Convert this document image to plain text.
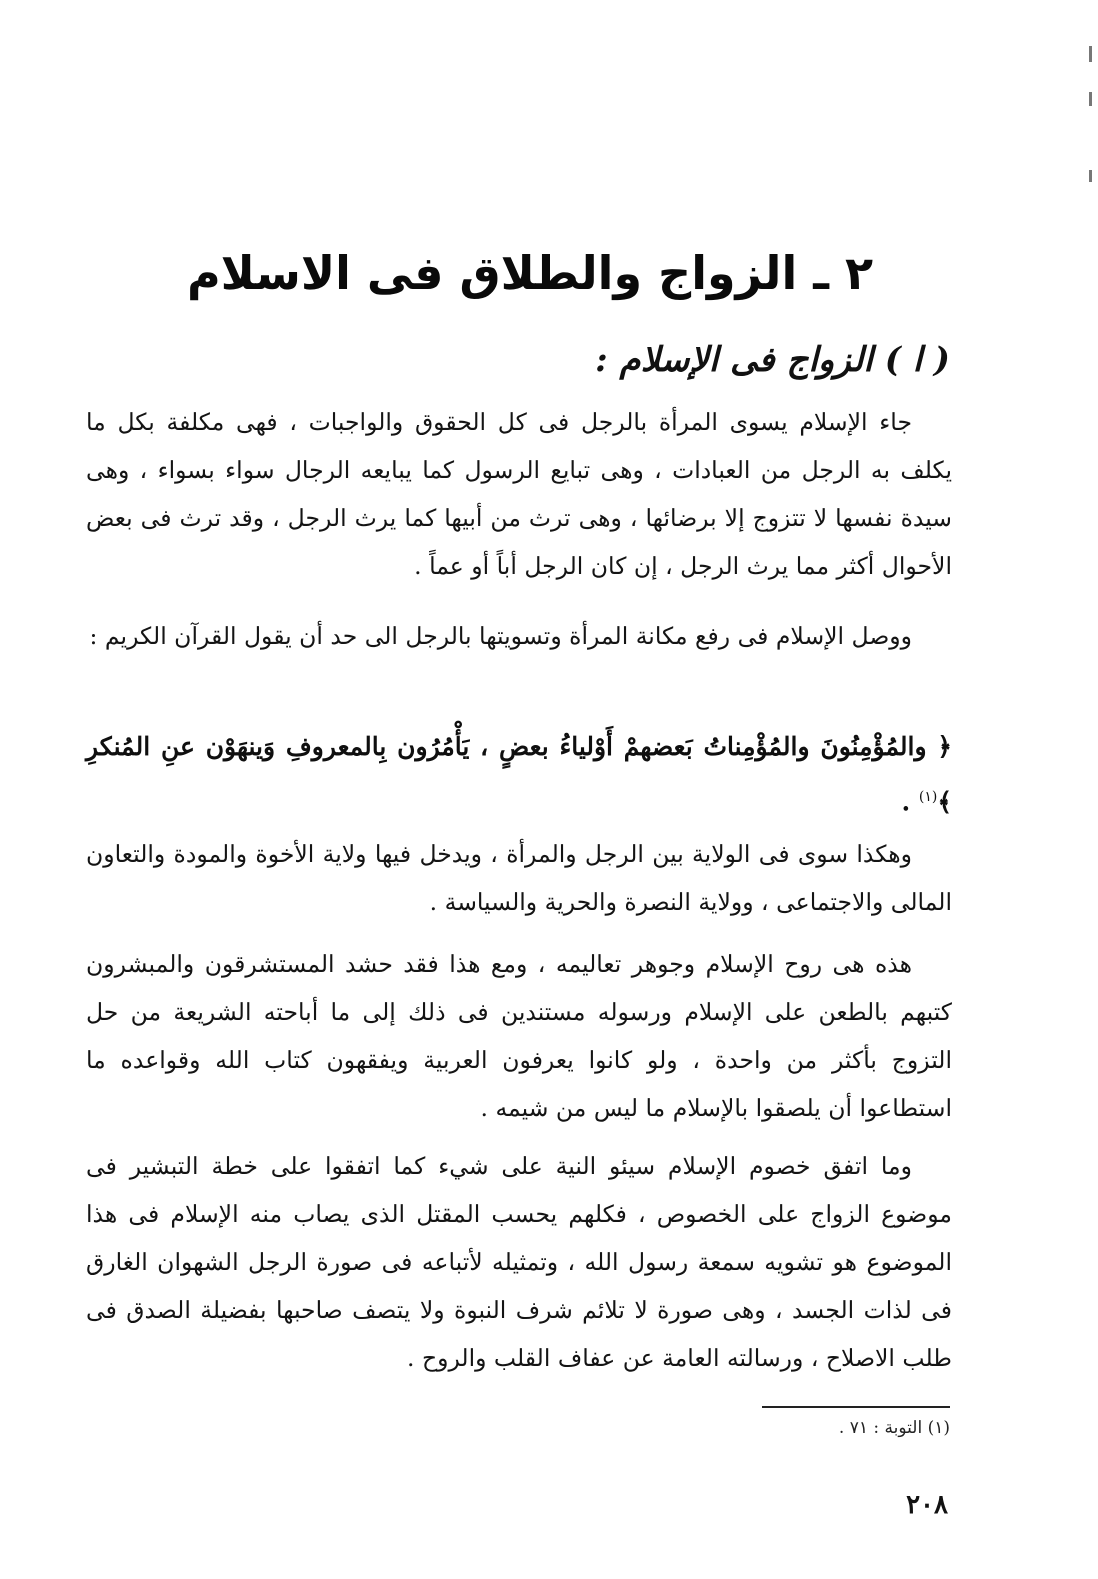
٢ ـ الزواج والطلاق فى الاسلام
( ا ) الزواج فى الإسلام :

جاء الإسلام يسوى المرأة بالرجل فى كل الحقوق والواجبات ، فهى مكلفة بكل ما يكلف به الرجل من العبادات ، وهى تبايع الرسول كما يبايعه الرجال سواء بسواء ، وهى سيدة نفسها لا تتزوج إلا برضائها ، وهى ترث من أبيها كما يرث الرجل ، وقد ترث فى بعض الأحوال أكثر مما يرث الرجل ، إن كان الرجل أباً أو عماً .

ووصل الإسلام فى رفع مكانة المرأة وتسويتها بالرجل الى حد أن يقول القرآن الكريم :

﴿ والمُؤْمِنُونَ والمُؤْمِناتُ بَعضهمْ أَوْلياءُ بعضٍ ، يَأْمُرُون بِالمعروفِ وَينهَوْن عنِ المُنكرِ ﴾$^{(١)}$ .

وهكذا سوى فى الولاية بين الرجل والمرأة ، ويدخل فيها ولاية الأخوة والمودة والتعاون المالى والاجتماعى ، وولاية النصرة والحرية والسياسة .

هذه هى روح الإسلام وجوهر تعاليمه ، ومع هذا فقد حشد المستشرقون والمبشرون كتبهم بالطعن على الإسلام ورسوله مستندين فى ذلك إلى ما أباحته الشريعة من حل التزوج بأكثر من واحدة ، ولو كانوا يعرفون العربية ويفقهون كتاب الله وقواعده ما استطاعوا أن يلصقوا بالإسلام ما ليس من شيمه .

وما اتفق خصوم الإسلام سيئو النية على شيء كما اتفقوا على خطة التبشير فى موضوع الزواج على الخصوص ، فكلهم يحسب المقتل الذى يصاب منه الإسلام فى هذا الموضوع هو تشويه سمعة رسول الله ، وتمثيله لأتباعه فى صورة الرجل الشهوان الغارق فى لذات الجسد ، وهى صورة لا تلائم شرف النبوة ولا يتصف صاحبها بفضيلة الصدق فى طلب الاصلاح ، ورسالته العامة عن عفاف القلب والروح .

(١) التوبة : ٧١ .
٢٠٨
